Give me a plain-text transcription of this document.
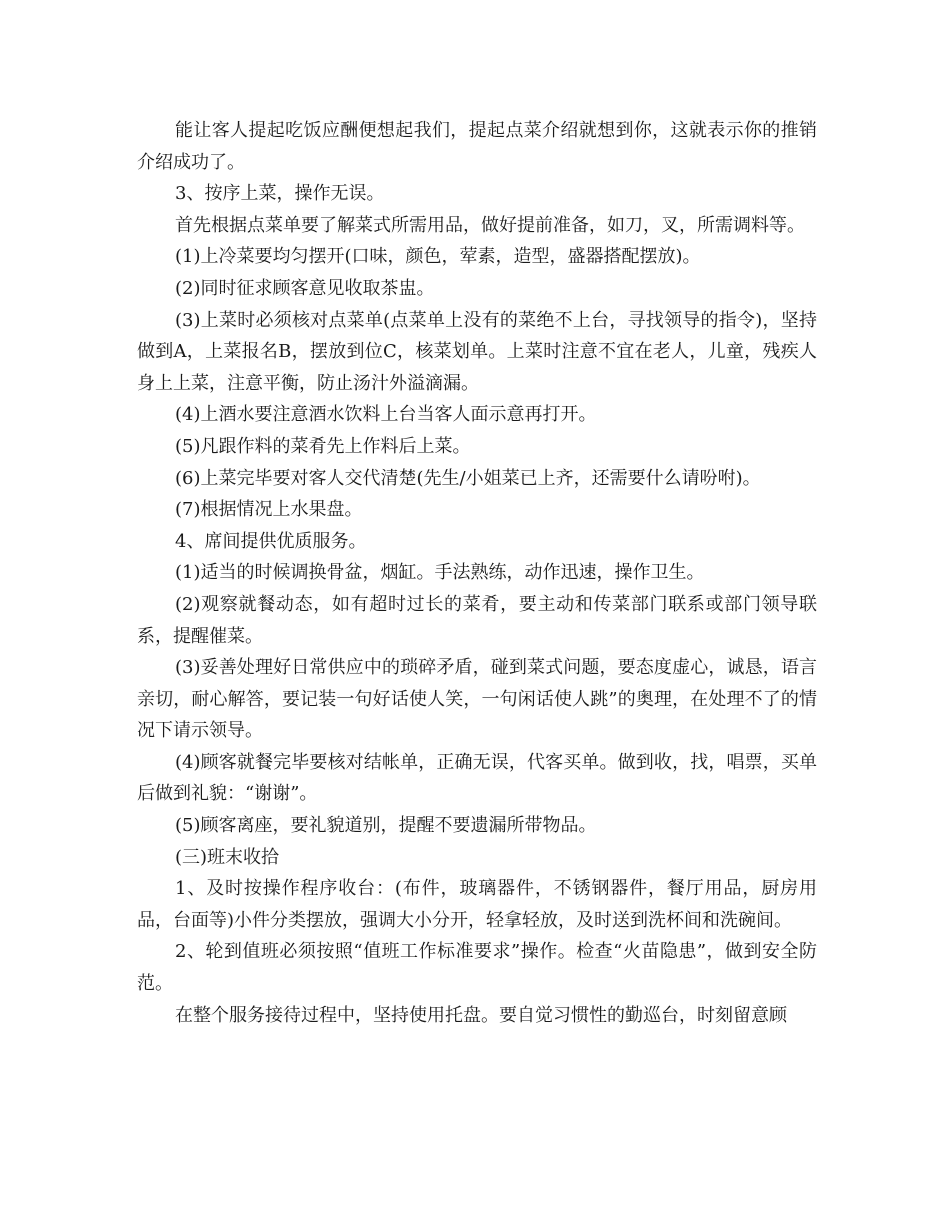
能让客人提起吃饭应酬便想起我们，提起点菜介绍就想到你，这就表示你的推销介绍成功了。

3、按序上菜，操作无误。

首先根据点菜单要了解菜式所需用品，做好提前准备，如刀，叉，所需调料等。

(1)上冷菜要均匀摆开(口味，颜色，荤素，造型，盛器搭配摆放)。

(2)同时征求顾客意见收取茶盅。

(3)上菜时必须核对点菜单(点菜单上没有的菜绝不上台，寻找领导的指令)，坚持做到A，上菜报名B，摆放到位C，核菜划单。上菜时注意不宜在老人，儿童，残疾人身上上菜，注意平衡，防止汤汁外溢滴漏。

(4)上酒水要注意酒水饮料上台当客人面示意再打开。

(5)凡跟作料的菜肴先上作料后上菜。

(6)上菜完毕要对客人交代清楚(先生/小姐菜已上齐，还需要什么请吩咐)。

(7)根据情况上水果盘。

4、席间提供优质服务。

(1)适当的时候调换骨盆，烟缸。手法熟练，动作迅速，操作卫生。

(2)观察就餐动态，如有超时过长的菜肴，要主动和传菜部门联系或部门领导联系，提醒催菜。

(3)妥善处理好日常供应中的琐碎矛盾，碰到菜式问题，要态度虚心，诚恳，语言亲切，耐心解答，要记装一句好话使人笑，一句闲话使人跳”的奥理，在处理不了的情况下请示领导。

(4)顾客就餐完毕要核对结帐单，正确无误，代客买单。做到收，找，唱票，买单后做到礼貌：“谢谢”。

(5)顾客离座，要礼貌道别，提醒不要遗漏所带物品。

(三)班末收拾

1、及时按操作程序收台：(布件，玻璃器件，不锈钢器件，餐厅用品，厨房用品，台面等)小件分类摆放，强调大小分开，轻拿轻放，及时送到洗杯间和洗碗间。

2、轮到值班必须按照“值班工作标准要求”操作。检查“火苗隐患”，做到安全防范。

在整个服务接待过程中，坚持使用托盘。要自觉习惯性的勤巡台，时刻留意顾
